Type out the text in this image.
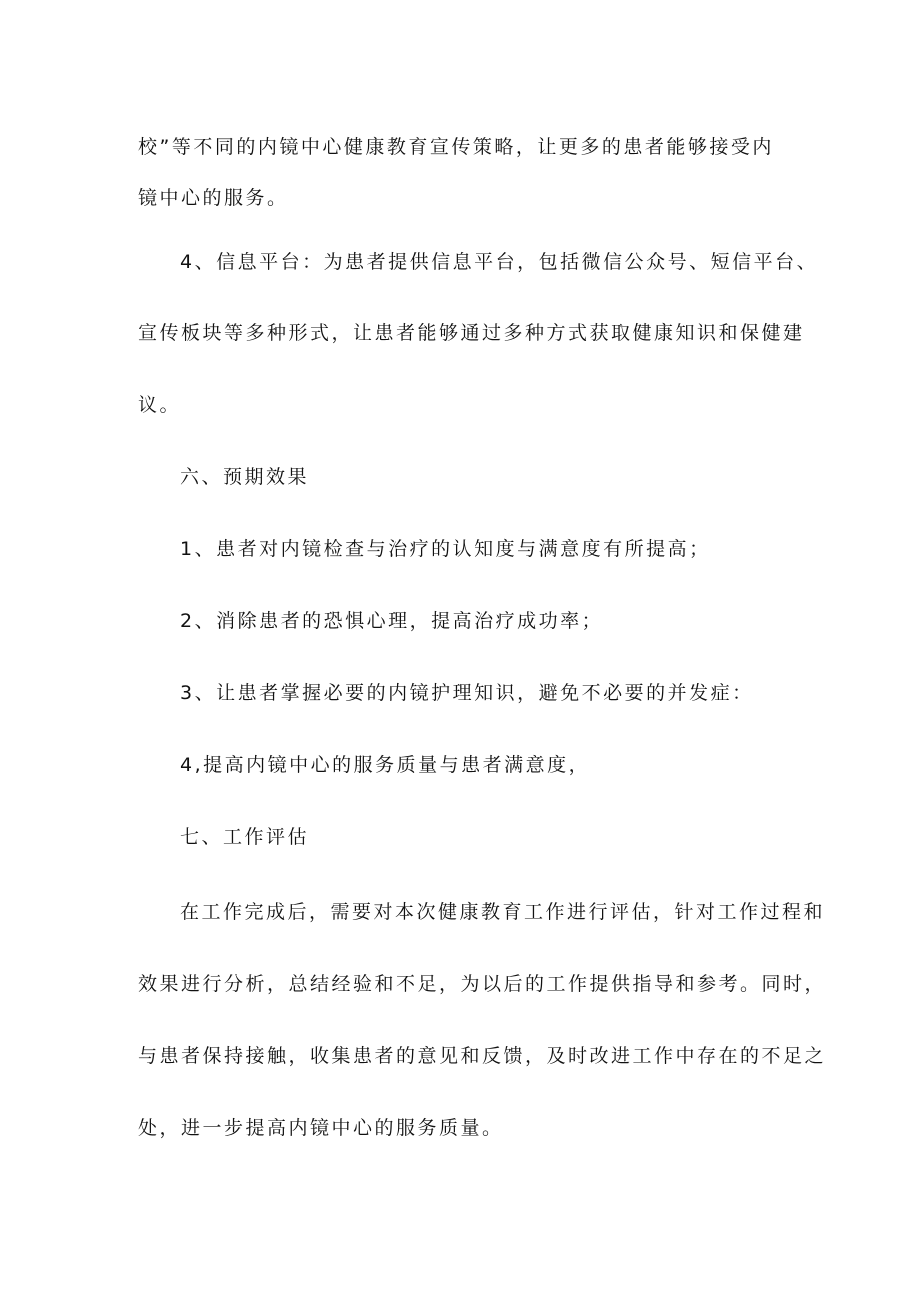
校”等不同的内镜中心健康教育宣传策略，让更多的患者能够接受内
镜中心的服务。
4、信息平台：为患者提供信息平台，包括微信公众号、短信平台、
宣传板块等多种形式，让患者能够通过多种方式获取健康知识和保健建
议。
六、预期效果
1、患者对内镜检查与治疗的认知度与满意度有所提高；
2、消除患者的恐惧心理，提高治疗成功率；
3、让患者掌握必要的内镜护理知识，避免不必要的并发症：
4,提高内镜中心的服务质量与患者满意度，
七、工作评估
在工作完成后，需要对本次健康教育工作进行评估，针对工作过程和
效果进行分析，总结经验和不足，为以后的工作提供指导和参考。同时，
与患者保持接触，收集患者的意见和反馈，及时改进工作中存在的不足之
处，进一步提高内镜中心的服务质量。
